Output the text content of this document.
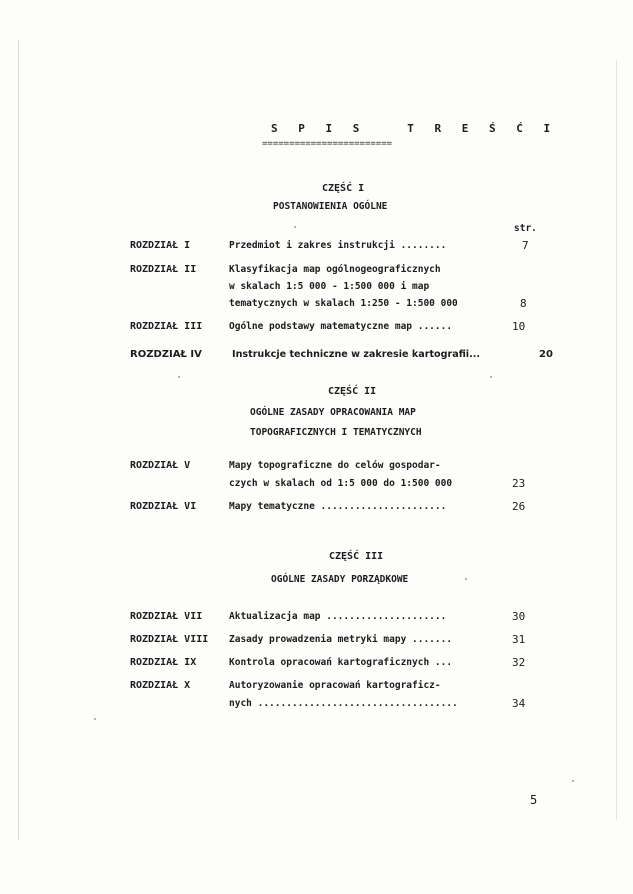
S P I S   T R E Ś Ć I
========================
CZĘŚĆ I
POSTANOWIENIA OGÓLNE
str.
ROZDZIAŁ I	Przedmiot i zakres instrukcji ........	7
ROZDZIAŁ II	Klasyfikacja map ogólnogeograficznych
w skalach 1:5 000 - 1:500 000 i map
tematycznych w skalach 1:250 - 1:500 000	8
ROZDZIAŁ III	Ogólne podstawy matematyczne map ......	10
ROZDZIAŁ IV	Instrukcje techniczne w zakresie kartografii...	20
CZĘŚĆ II
OGÓLNE ZASADY OPRACOWANIA MAP
TOPOGRAFICZNYCH I TEMATYCZNYCH
ROZDZIAŁ V	Mapy topograficzne do celów gospodar-
czych w skalach od 1:5 000 do 1:500 000	23
ROZDZIAŁ VI	Mapy tematyczne ......................	26
CZĘŚĆ III
OGÓLNE ZASADY PORZĄDKOWE
ROZDZIAŁ VII	Aktualizacja map .....................	30
ROZDZIAŁ VIII Zasady prowadzenia metryki mapy .......	31
ROZDZIAŁ IX	Kontrola opracowań kartograficznych ...	32
ROZDZIAŁ X	Autoryzowanie opracowań kartograficz-
nych ...................................	34
5
